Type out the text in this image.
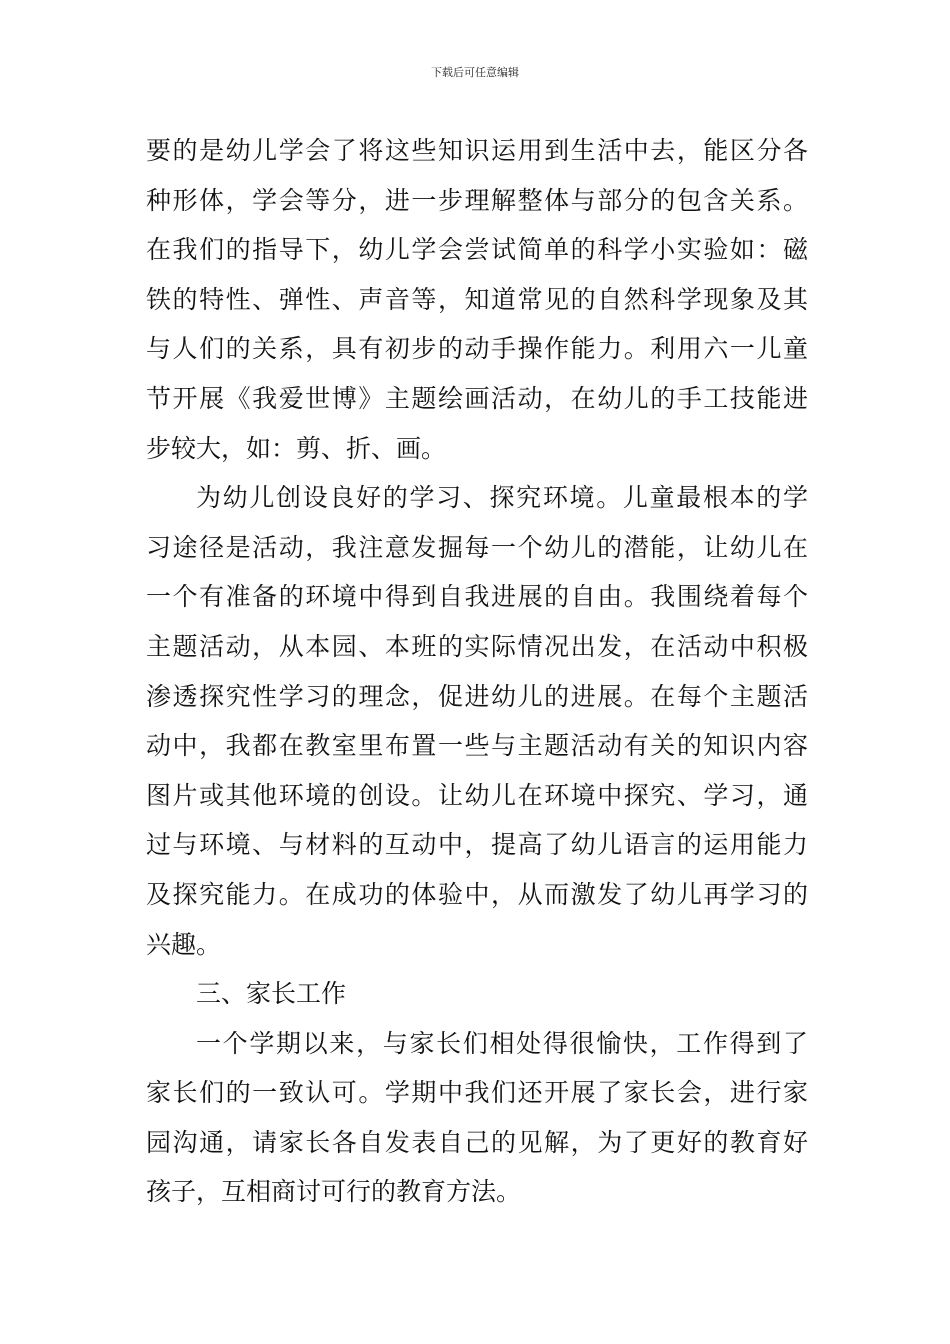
下载后可任意编辑
要的是幼儿学会了将这些知识运用到生活中去，能区分各
种形体，学会等分，进一步理解整体与部分的包含关系。
在我们的指导下，幼儿学会尝试简单的科学小实验如：磁
铁的特性、弹性、声音等，知道常见的自然科学现象及其
与人们的关系，具有初步的动手操作能力。利用六一儿童
节开展《我爱世博》主题绘画活动，在幼儿的手工技能进
步较大，如：剪、折、画。
为幼儿创设良好的学习、探究环境。儿童最根本的学
习途径是活动，我注意发掘每一个幼儿的潜能，让幼儿在
一个有准备的环境中得到自我进展的自由。我围绕着每个
主题活动，从本园、本班的实际情况出发，在活动中积极
渗透探究性学习的理念，促进幼儿的进展。在每个主题活
动中，我都在教室里布置一些与主题活动有关的知识内容
图片或其他环境的创设。让幼儿在环境中探究、学习，通
过与环境、与材料的互动中，提高了幼儿语言的运用能力
及探究能力。在成功的体验中，从而激发了幼儿再学习的
兴趣。
三、家长工作
一个学期以来，与家长们相处得很愉快，工作得到了
家长们的一致认可。学期中我们还开展了家长会，进行家
园沟通，请家长各自发表自己的见解，为了更好的教育好
孩子，互相商讨可行的教育方法。
